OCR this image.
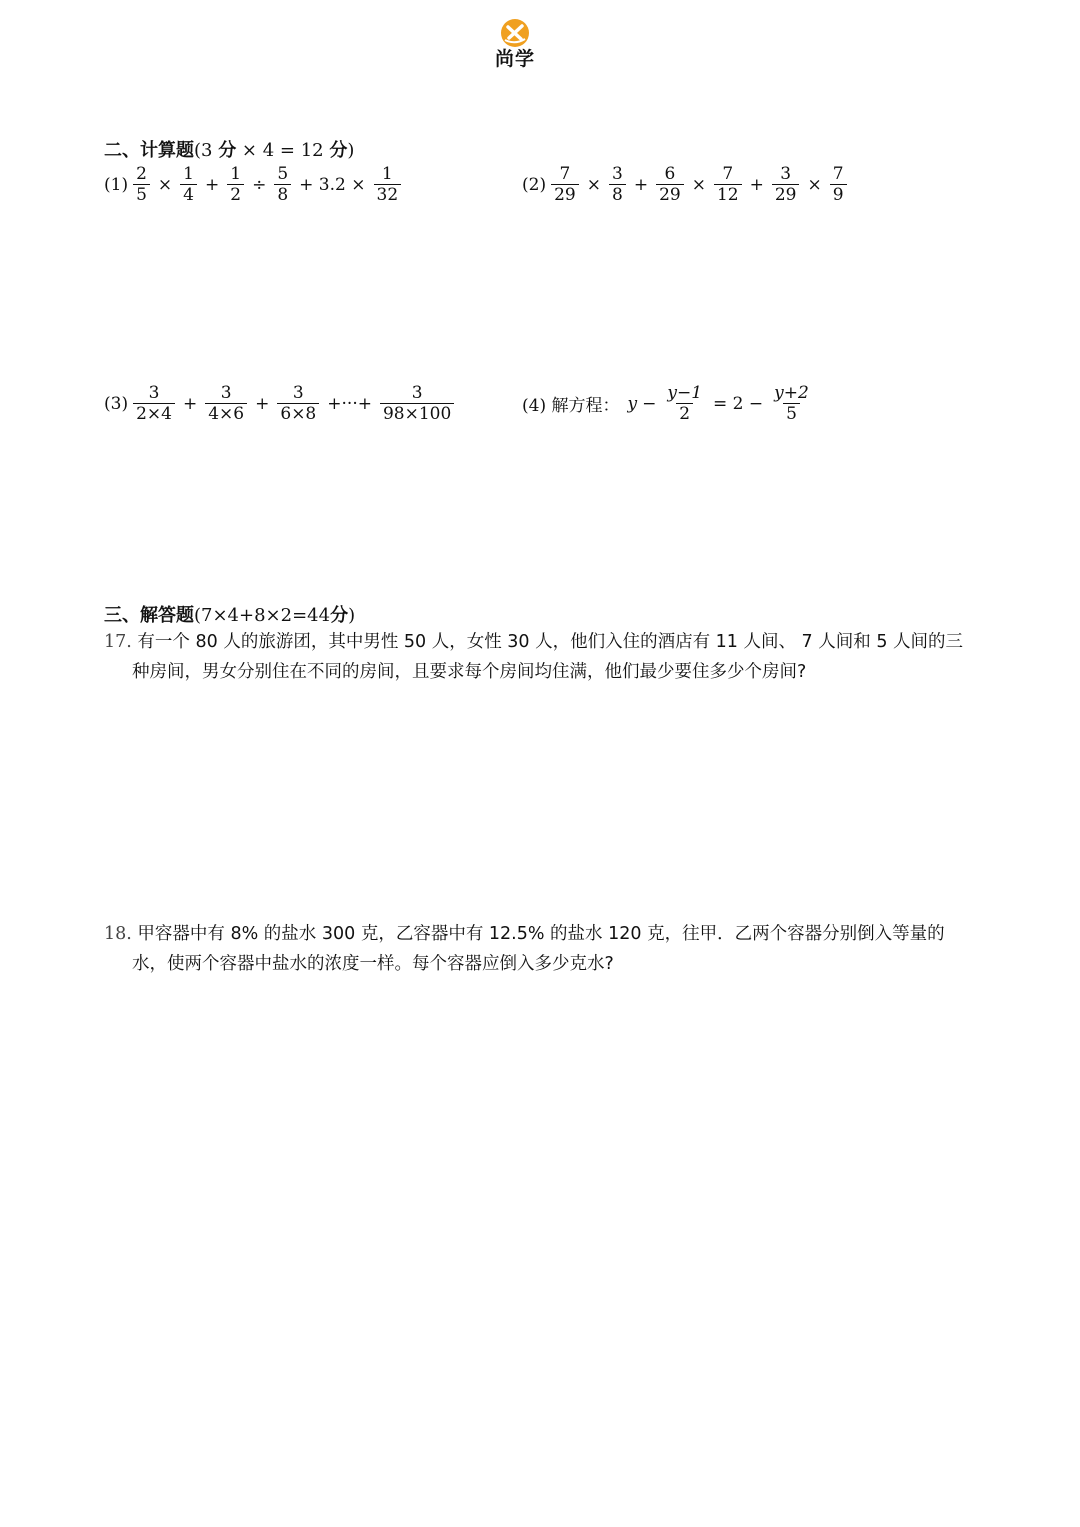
尚学
二、计算题(3 分 × 4 = 12 分)
$(1) \frac{2}{5} \times \frac{1}{4} + \frac{1}{2} \div \frac{5}{8} + 3.2 \times \frac{1}{32}$	$(2) \frac{7}{29} \times \frac{3}{8} + \frac{6}{29} \times \frac{7}{12} + \frac{3}{29} \times \frac{7}{9}$
$(3) \frac{3}{2\times 4} + \frac{3}{4\times 6} + \frac{3}{6\times 8}$ +···+ $\frac{3}{98\times 100}$	(4) 解方程： $y - \frac{y-1}{2} = 2 - \frac{y+2}{5}$
三、解答题(7×4+8×2=44分)
17. 有一个 80 人的旅游团，其中男性 50 人，女性 30 人，他们入住的酒店有 11 人间、 7 人间和 5 人间的三
种房间，男女分别住在不同的房间，且要求每个房间均住满，他们最少要住多少个房间?
18. 甲容器中有 8% 的盐水 300 克，乙容器中有 12.5% 的盐水 120 克，往甲．乙两个容器分别倒入等量的
水，使两个容器中盐水的浓度一样。每个容器应倒入多少克水?
